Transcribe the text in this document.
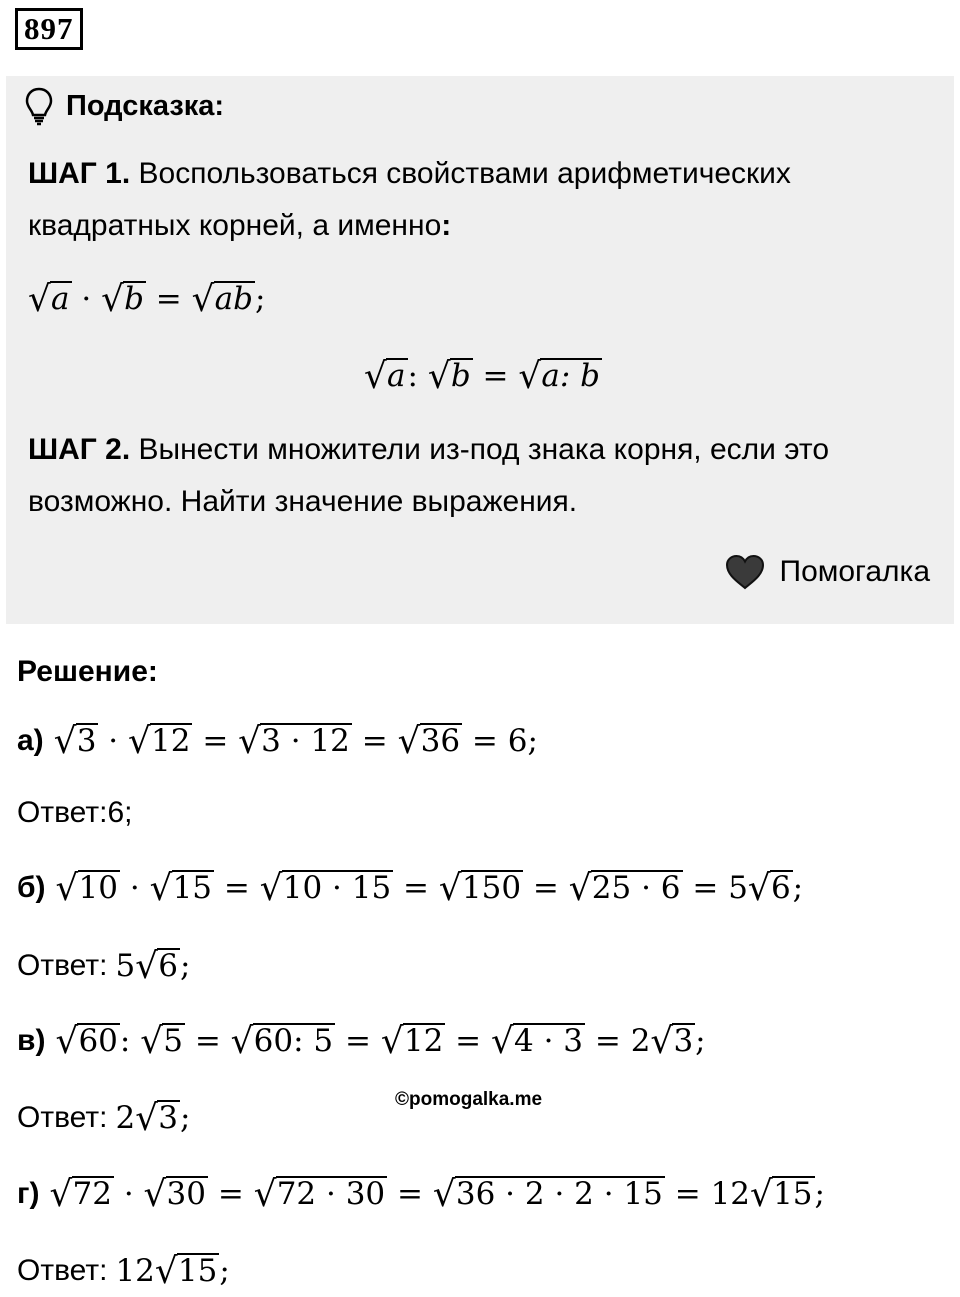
897
Подсказка:
ШАГ 1. Воспользоваться свойствами арифметических
квадратных корней, а именно:
√a · √b = √ab;
√a: √b = √a: b
ШАГ 2. Вынести множители из-под знака корня, если это
возможно. Найти значение выражения.
Помогалка
Решение:
а) √3 · √12 = √3 · 12 = √36 = 6;
Ответ:6;
б) √10 · √15 = √10 · 15 = √150 = √25 · 6 = 5√6;
Ответ: 5√6;
в) √60: √5 = √60: 5 = √12 = √4 · 3 = 2√3;
Ответ: 2√3;
©pomogalka.me
г) √72 · √30 = √72 · 30 = √36 · 2 · 2 · 15 = 12√15;
Ответ: 12√15;
